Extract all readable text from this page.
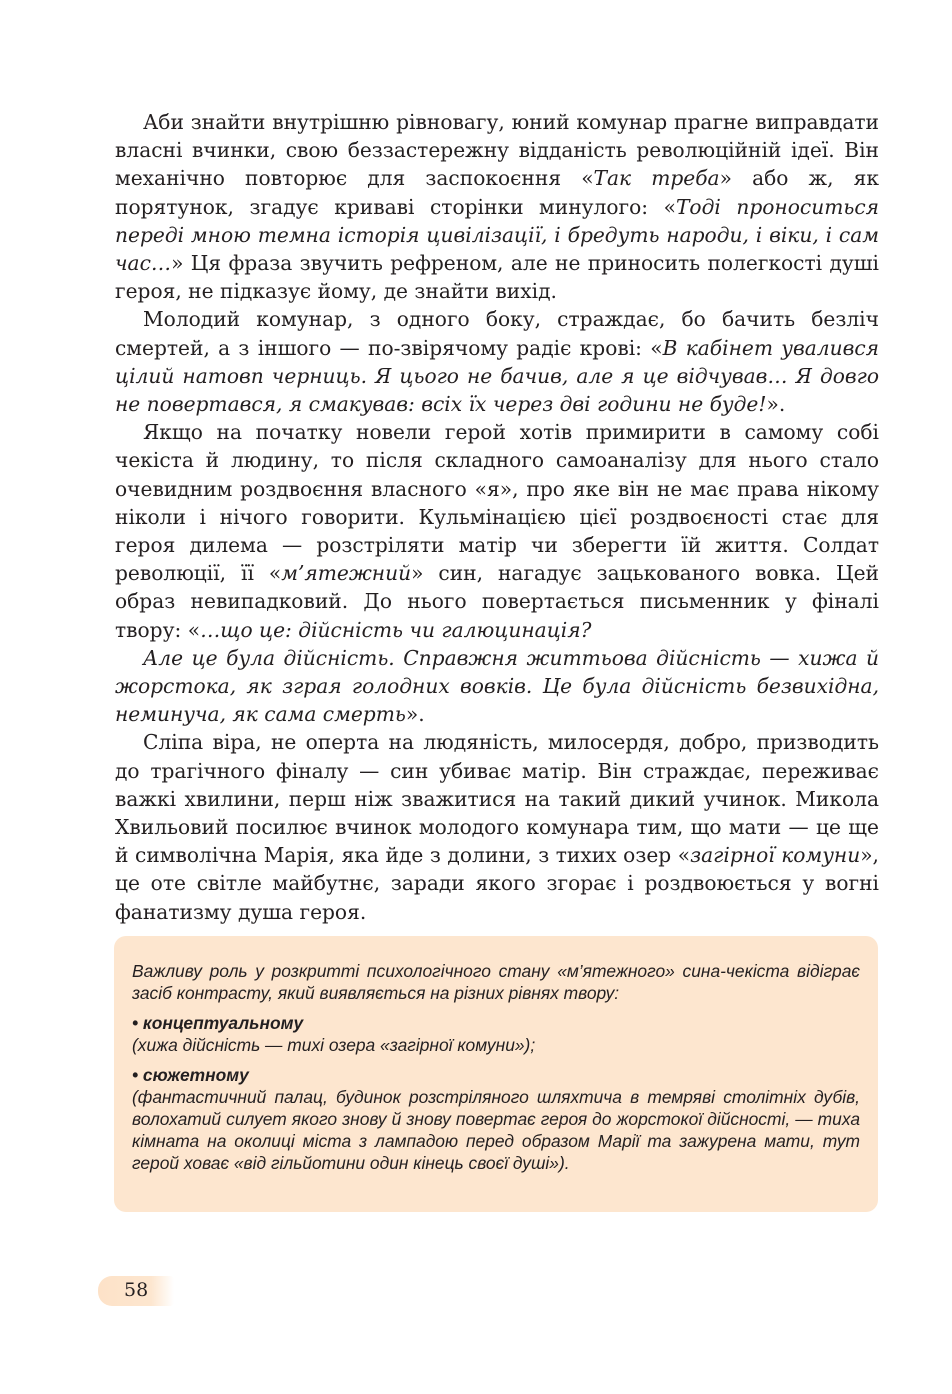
Аби знайти внутрішню рівновагу, юний комунар прагне виправдати власні вчинки, свою беззастережну відданість революційній ідеї. Він механічно повторює для заспокоєння «Так треба» або ж, як порятунок, згадує криваві сторінки минулого: «Тоді проноситься переді мною темна історія цивілізації, і бредуть народи, і віки, і сам час…» Ця фраза звучить рефреном, але не приносить полегкості душі героя, не підказує йому, де знайти вихід.

Молодий комунар, з одного боку, страждає, бо бачить безліч смертей, а з іншого — по-звірячому радіє крові: «В кабінет увалився цілий натовп черниць. Я цього не бачив, але я це відчував… Я довго не повертався, я смакував: всіх їх через дві години не буде!».

Якщо на початку новели герой хотів примирити в самому собі чекіста й людину, то після складного самоаналізу для нього стало очевидним роздвоєння власного «я», про яке він не має права нікому ніколи і нічого говорити. Кульмінацією цієї роздвоєності стає для героя дилема — розстріляти матір чи зберегти їй життя. Солдат революції, її «м’ятежний» син, нагадує зацькованого вовка. Цей образ невипадковий. До нього повертається письменник у фіналі твору: «…що це: дійсність чи галюцинація?

Але це була дійсність. Справжня життьова дійсність — хижа й жорстока, як зграя голодних вовків. Це була дійсність безвихідна, неминуча, як сама смерть».

Сліпа віра, не оперта на людяність, милосердя, добро, призводить до трагічного фіналу — син убиває матір. Він страждає, переживає важкі хвилини, перш ніж зважитися на такий дикий учинок. Микола Хвильовий посилює вчинок молодого комунара тим, що мати — це ще й символічна Марія, яка йде з долини, з тихих озер «загірної комуни», це оте світле майбутнє, заради якого згорає і роздвоюється у вогні фанатизму душа героя.

Важливу роль у розкритті психологічного стану «м’ятежного» сина-чекіста відіграє засіб контрасту, який виявляється на різних рівнях твору:

• концептуальному

(хижа дійсність — тихі озера «загірної комуни»);

• сюжетному

(фантастичний палац, будинок розстріляного шляхтича в темряві столітніх дубів, волохатий силует якого знову й знову повертає героя до жорстокої дійсності, — тиха кімната на околиці міста з лампадою перед образом Марії та зажурена мати, тут герой ховає «від гільйотини один кінець своєї душі»).

58
